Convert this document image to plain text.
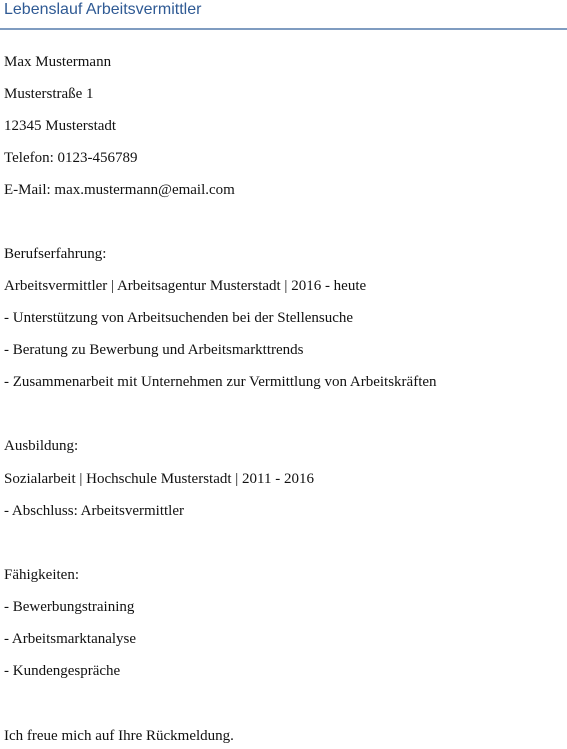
Lebenslauf Arbeitsvermittler
Max Mustermann
Musterstraße 1
12345 Musterstadt
Telefon: 0123-456789
E-Mail: max.mustermann@email.com
Berufserfahrung:
Arbeitsvermittler | Arbeitsagentur Musterstadt | 2016 - heute
- Unterstützung von Arbeitsuchenden bei der Stellensuche
- Beratung zu Bewerbung und Arbeitsmarkttrends
- Zusammenarbeit mit Unternehmen zur Vermittlung von Arbeitskräften
Ausbildung:
Sozialarbeit | Hochschule Musterstadt | 2011 - 2016
- Abschluss: Arbeitsvermittler
Fähigkeiten:
- Bewerbungstraining
- Arbeitsmarktanalyse
- Kundengespräche
Ich freue mich auf Ihre Rückmeldung.
